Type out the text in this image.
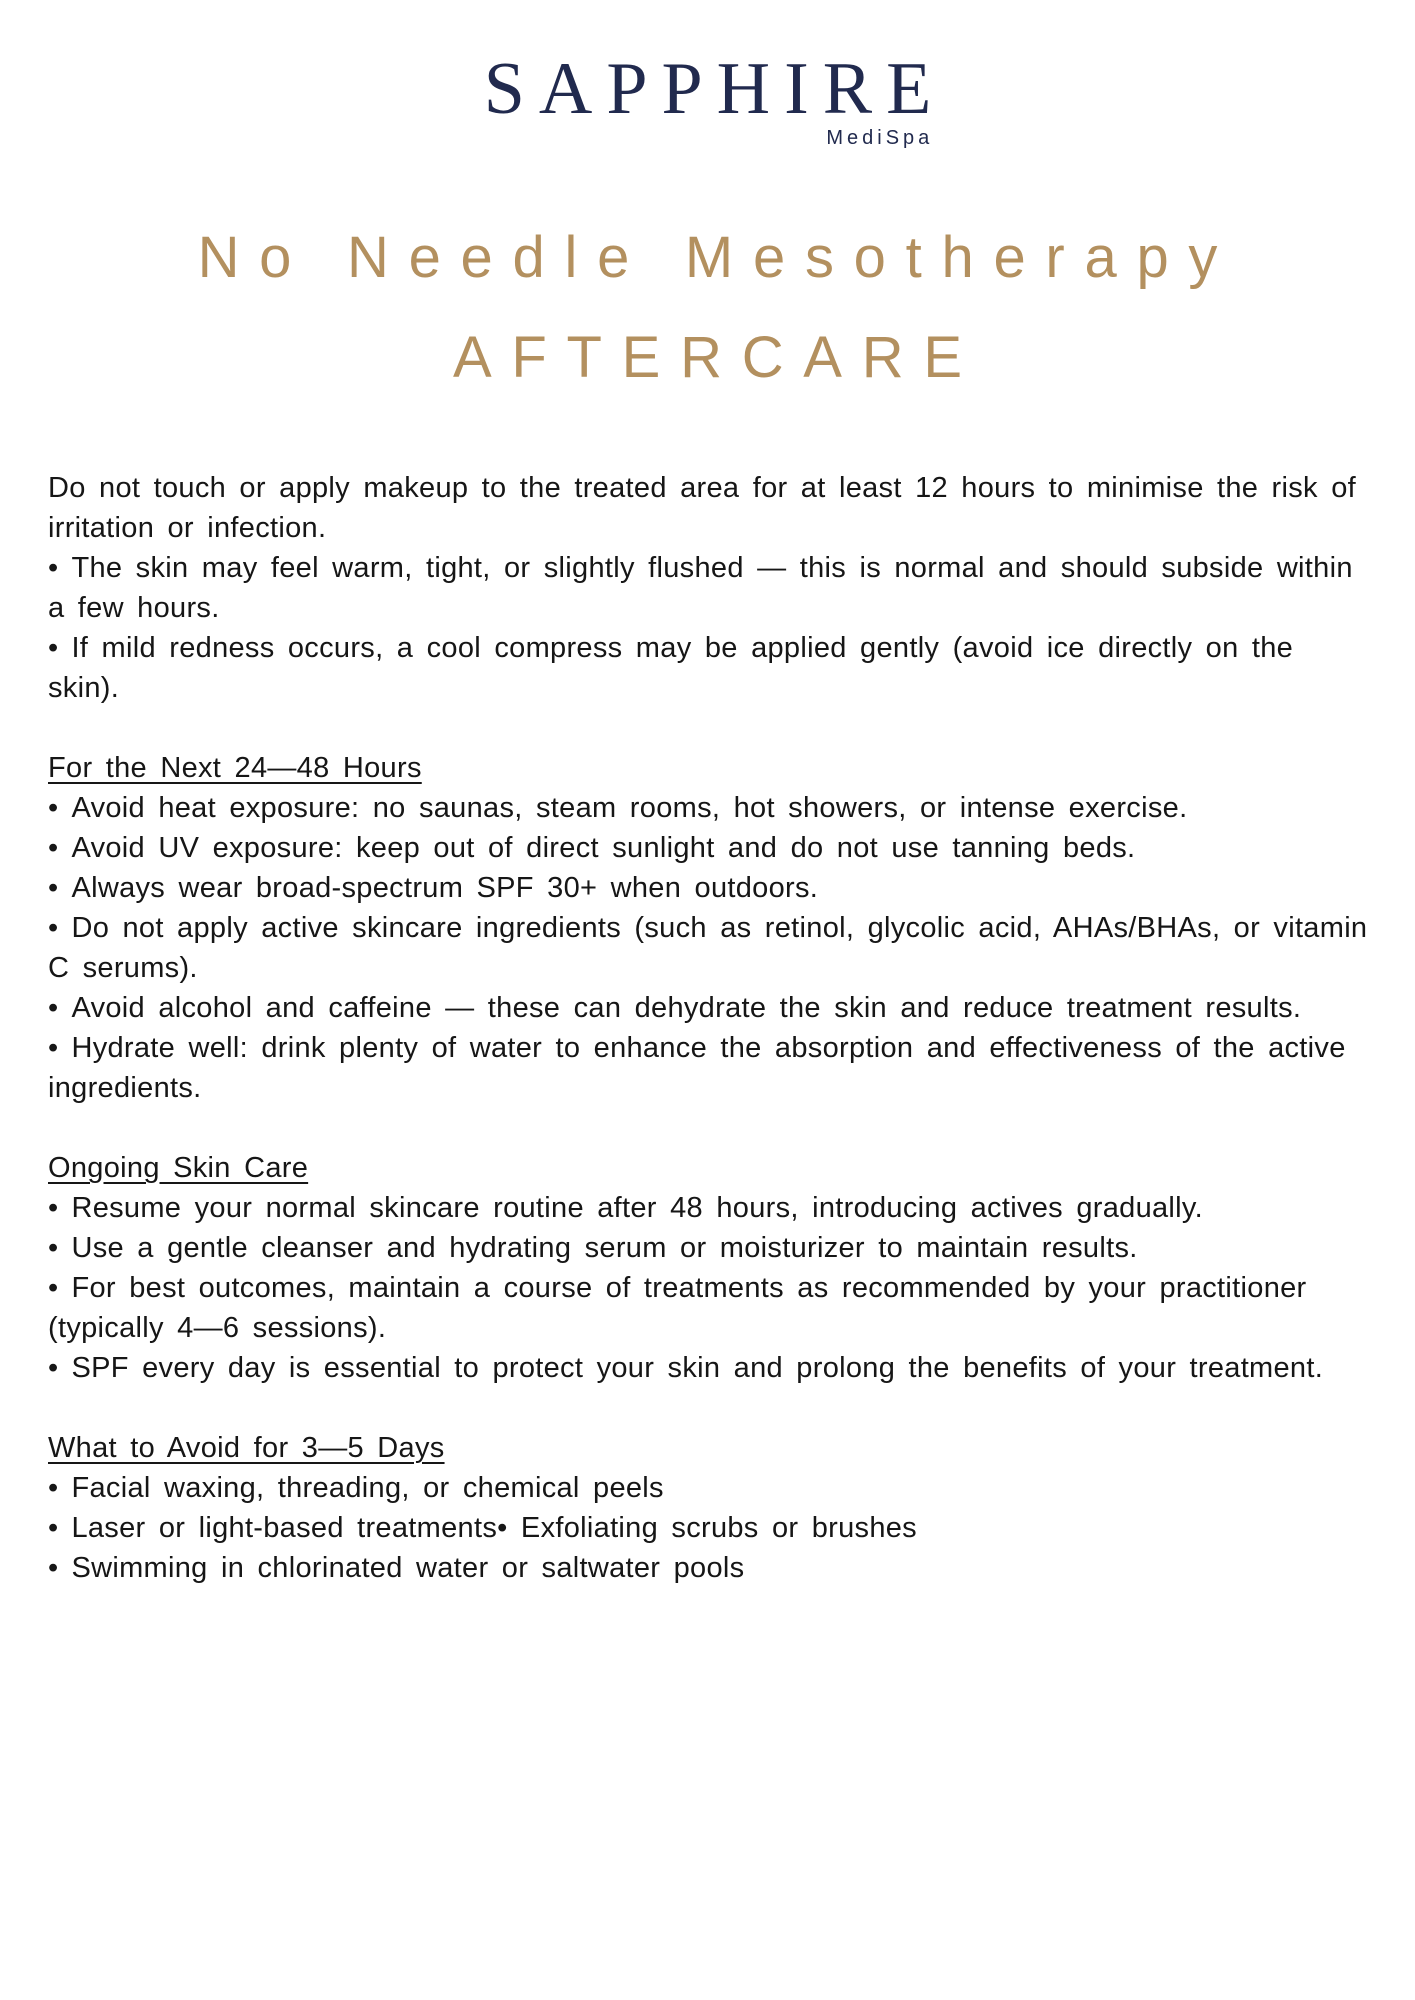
SAPPHIRE
MediSpa
No Needle Mesotherapy
AFTERCARE

Do not touch or apply makeup to the treated area for at least 12 hours to minimise the risk of irritation or infection.

• The skin may feel warm, tight, or slightly flushed — this is normal and should subside within a few hours.

• If mild redness occurs, a cool compress may be applied gently (avoid ice directly on the skin).

For the Next 24—48 Hours

• Avoid heat exposure: no saunas, steam rooms, hot showers, or intense exercise.

• Avoid UV exposure: keep out of direct sunlight and do not use tanning beds.

• Always wear broad-spectrum SPF 30+ when outdoors.

• Do not apply active skincare ingredients (such as retinol, glycolic acid, AHAs/BHAs, or vitamin C serums).

• Avoid alcohol and caffeine — these can dehydrate the skin and reduce treatment results.

• Hydrate well: drink plenty of water to enhance the absorption and effectiveness of the active ingredients.

Ongoing Skin Care

• Resume your normal skincare routine after 48 hours, introducing actives gradually.

• Use a gentle cleanser and hydrating serum or moisturizer to maintain results.

• For best outcomes, maintain a course of treatments as recommended by your practitioner (typically 4—6 sessions).

• SPF every day is essential to protect your skin and prolong the benefits of your treatment.

What to Avoid for 3—5 Days

• Facial waxing, threading, or chemical peels

• Laser or light-based treatments• Exfoliating scrubs or brushes

• Swimming in chlorinated water or saltwater pools
